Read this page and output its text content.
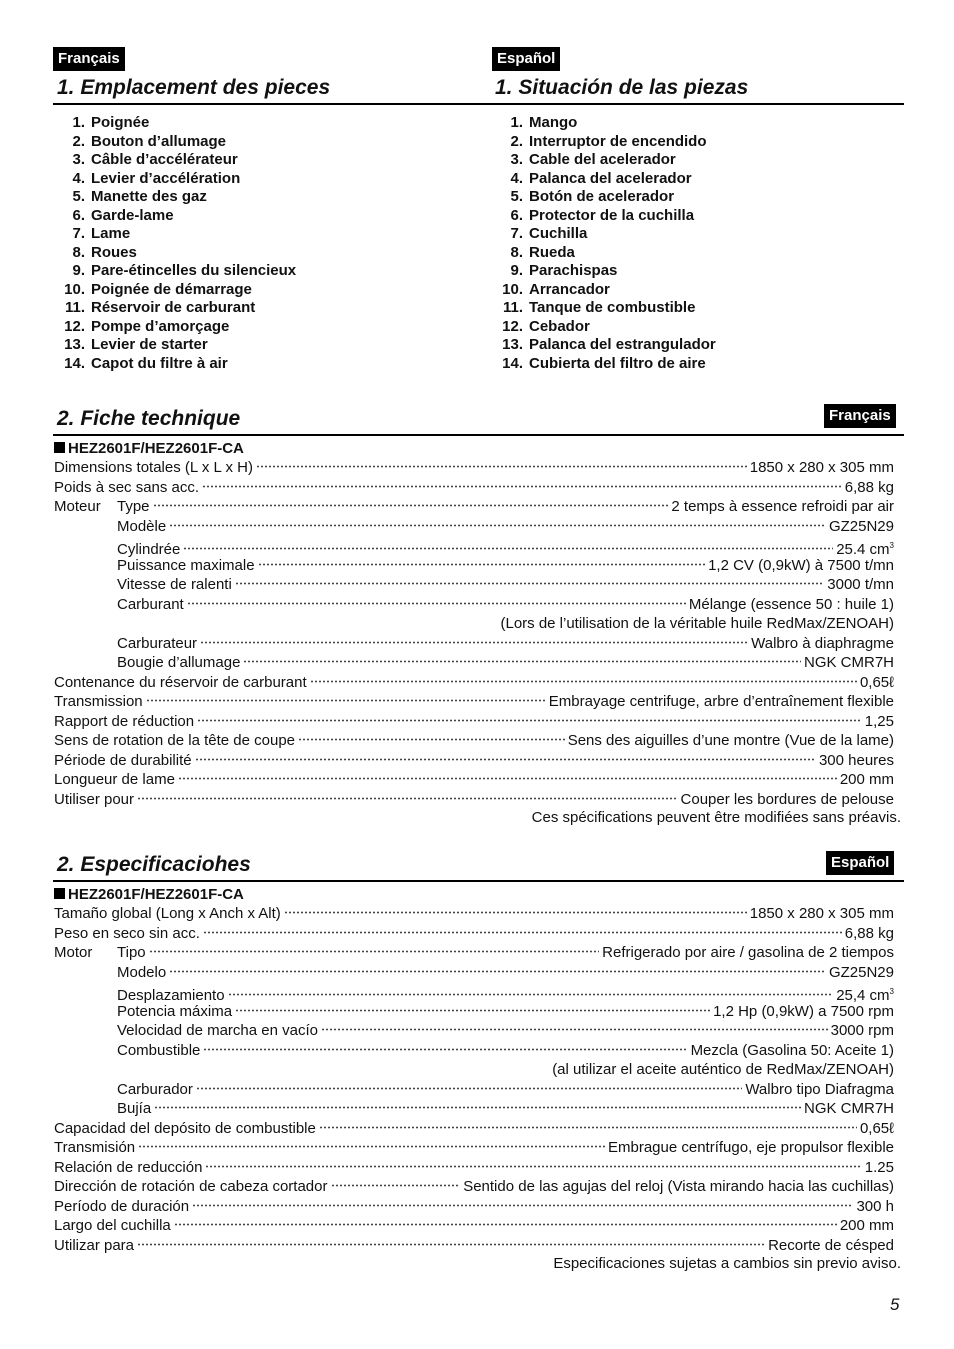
Français
1. Emplacement des pieces
1. Poignée
2. Bouton d’allumage
3. Câble d’accélérateur
4. Levier d’accélération
5. Manette des gaz
6. Garde-lame
7. Lame
8. Roues
9. Pare-étincelles du silencieux
10. Poignée de démarrage
11. Réservoir de carburant
12. Pompe d’amorçage
13. Levier de starter
14. Capot du filtre à air
Español
1. Situación de las piezas
1. Mango
2. Interruptor de encendido
3. Cable del acelerador
4. Palanca del acelerador
5. Botón de acelerador
6. Protector de la cuchilla
7. Cuchilla
8. Rueda
9. Parachispas
10. Arrancador
11. Tanque de combustible
12. Cebador
13. Palanca del estrangulador
14. Cubierta del filtro de aire
2. Fiche technique	Français
HEZ2601F/HEZ2601F-CA
Dimensions totales (L x L x H)	1850 x 280 x 305 mm
Poids à sec sans acc.	6,88 kg
Moteur Type	2 temps à essence refroidi par air
Modèle	GZ25N29
Cylindrée	25.4 $cm^3$
Puissance maximale	1,2 CV (0,9kW) à 7500 t/mn
Vitesse de ralenti	3000 t/mn
Carburant	Mélange (essence 50 : huile 1)
(Lors de l’utilisation de la véritable huile RedMax/ZENOAH)
Carburateur	Walbro à diaphragme
Bougie d’allumage	NGK CMR7H
Contenance du réservoir de carburant	0,65ℓ
Transmission	Embrayage centrifuge, arbre d’entraînement flexible
Rapport de réduction	1,25
Sens de rotation de la tête de coupe	Sens des aiguilles d’une montre (Vue de la lame)
Période de durabilité	300 heures
Longueur de lame	200 mm
Utiliser pour	Couper les bordures de pelouse
Ces spécifications peuvent être modifiées sans préavis.
2. Especificaciohes	Español
HEZ2601F/HEZ2601F-CA
Tamaño global (Long x Anch x Alt)	1850 x 280 x 305 mm
Peso en seco sin acc.	6,88 kg
Motor Tipo	Refrigerado por aire / gasolina de 2 tiempos
Modelo	GZ25N29
Desplazamiento	25,4 $cm^3$
Potencia máxima	1,2 Hp (0,9kW) a 7500 rpm
Velocidad de marcha en vacío	3000 rpm
Combustible	Mezcla (Gasolina 50: Aceite 1)
(al utilizar el aceite auténtico de RedMax/ZENOAH)
Carburador	Walbro tipo Diafragma
Bujía	NGK CMR7H
Capacidad del depósito de combustible	0,65ℓ
Transmisión	Embrague centrífugo, eje propulsor flexible
Relación de reducción	1.25
Dirección de rotación de cabeza cortador	Sentido de las agujas del reloj (Vista mirando hacia las cuchillas)
Período de duración	300 h
Largo del cuchilla	200 mm
Utilizar para	Recorte de césped
Especificaciones sujetas a cambios sin previo aviso.
5
